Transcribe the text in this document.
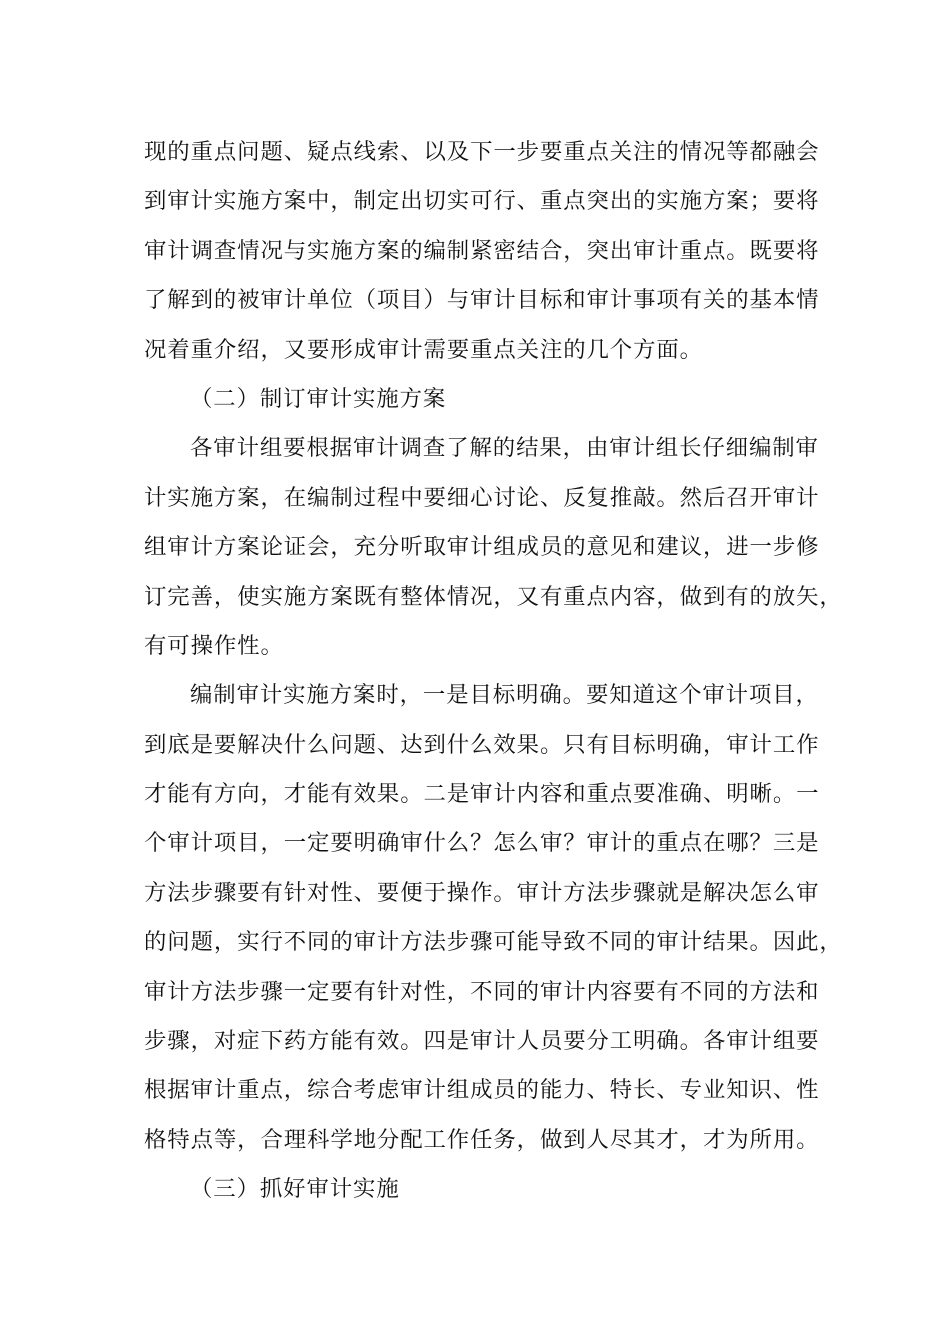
现的重点问题、疑点线索、以及下一步要重点关注的情况等都融会
到审计实施方案中，制定出切实可行、重点突出的实施方案；要将
审计调查情况与实施方案的编制紧密结合，突出审计重点。既要将
了解到的被审计单位（项目）与审计目标和审计事项有关的基本情
况着重介绍，又要形成审计需要重点关注的几个方面。
（二）制订审计实施方案
各审计组要根据审计调查了解的结果，由审计组长仔细编制审
计实施方案，在编制过程中要细心讨论、反复推敲。然后召开审计
组审计方案论证会，充分听取审计组成员的意见和建议，进一步修
订完善，使实施方案既有整体情况，又有重点内容，做到有的放矢，
有可操作性。
编制审计实施方案时，一是目标明确。要知道这个审计项目，
到底是要解决什么问题、达到什么效果。只有目标明确，审计工作
才能有方向，才能有效果。二是审计内容和重点要准确、明晰。一
个审计项目，一定要明确审什么？怎么审？审计的重点在哪？三是
方法步骤要有针对性、要便于操作。审计方法步骤就是解决怎么审
的问题，实行不同的审计方法步骤可能导致不同的审计结果。因此，
审计方法步骤一定要有针对性，不同的审计内容要有不同的方法和
步骤，对症下药方能有效。四是审计人员要分工明确。各审计组要
根据审计重点，综合考虑审计组成员的能力、特长、专业知识、性
格特点等，合理科学地分配工作任务，做到人尽其才，才为所用。
（三）抓好审计实施
